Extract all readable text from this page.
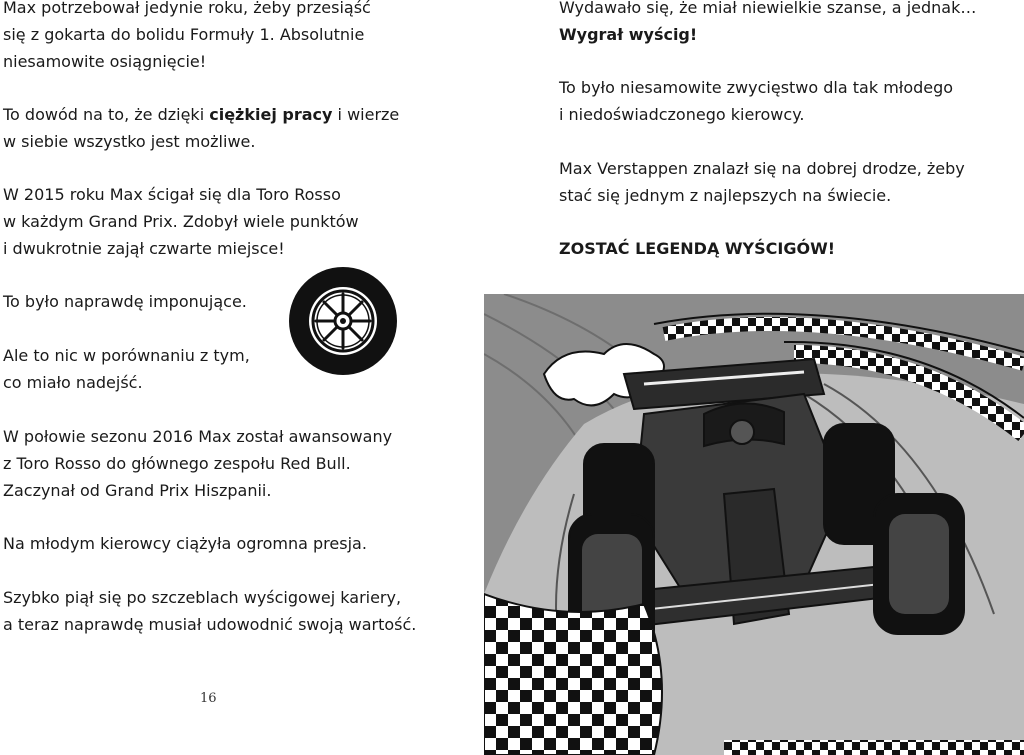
Max potrzebował jedynie roku, żeby przesiąść
się z gokarta do bolidu Formuły 1. Absolutnie
niesamowite osiągnięcie!

To dowód na to, że dzięki ciężkiej pracy i wierze
w siebie wszystko jest możliwe.

W 2015 roku Max ścigał się dla Toro Rosso
w każdym Grand Prix. Zdobył wiele punktów
i dwukrotnie zajął czwarte miejsce!

To było naprawdę imponujące.

Ale to nic w porównaniu z tym,
co miało nadejść.

W połowie sezonu 2016 Max został awansowany
z Toro Rosso do głównego zespołu Red Bull.
Zaczynał od Grand Prix Hiszpanii.

Na młodym kierowcy ciążyła ogromna presja.

Szybko piął się po szczeblach wyścigowej kariery,
a teraz naprawdę musiał udowodnić swoją wartość.

16

Wydawało się, że miał niewielkie szanse, a jednak…
Wygrał wyścig!

To było niesamowite zwycięstwo dla tak młodego
i niedoświadczonego kierowcy.

Max Verstappen znalazł się na dobrej drodze, żeby
stać się jednym z najlepszych na świecie.

ZOSTAĆ LEGENDĄ WYŚCIGÓW!
